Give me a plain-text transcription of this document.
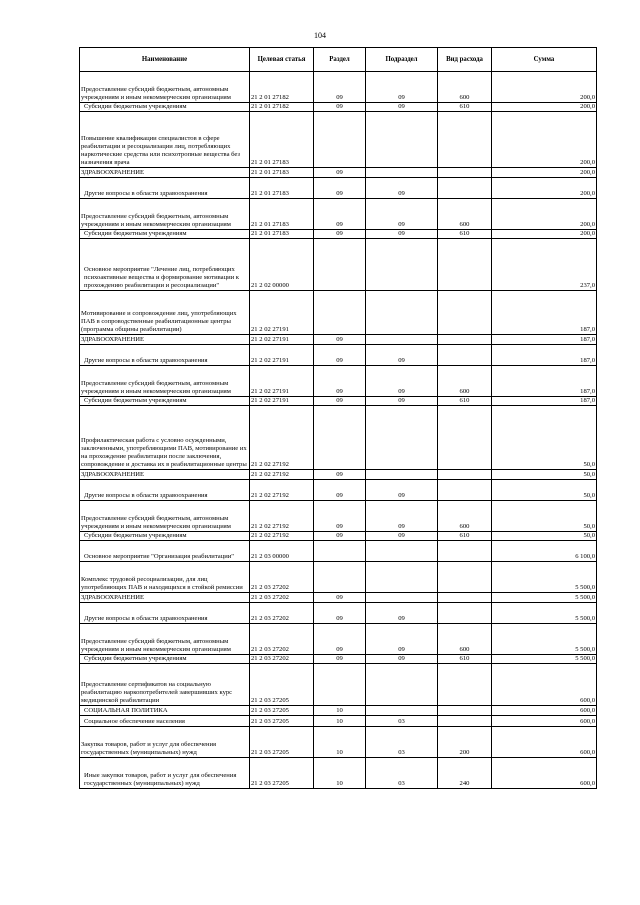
104
Наименование	Целевая статья	Раздел	Подраздел	Вид расхода	Сумма
Предоставление субсидий бюджетным, автономным учреждениям и иным некоммерческим организациям	21 2 01 27182	09	09	600	200,0
Субсидии бюджетным учреждениям	21 2 01 27182	09	09	610	200,0
Повышение квалификации специалистов в сфере реабилитации и ресоциализации лиц, потребляющих наркотические средства или психотропные вещества без назначения врача	21 2 01 27183				200,0
ЗДРАВООХРАНЕНИЕ	21 2 01 27183	09			200,0
Другие вопросы в области здравоохранения	21 2 01 27183	09	09		200,0
Предоставление субсидий бюджетным, автономным учреждениям и иным некоммерческим организациям	21 2 01 27183	09	09	600	200,0
Субсидии бюджетным учреждениям	21 2 01 27183	09	09	610	200,0
Основное мероприятие "Лечение лиц, потребляющих психоактивные вещества и формирование мотивации к прохождению реабилитации и ресоциализации"	21 2 02 00000				237,0
Мотивирование и сопровождение лиц, употребляющих ПАВ в сопроводственные реабилитационные центры (программа общины реабилитации)	21 2 02 27191				187,0
ЗДРАВООХРАНЕНИЕ	21 2 02 27191	09			187,0
Другие вопросы в области здравоохранения	21 2 02 27191	09	09		187,0
Предоставление субсидий бюджетным, автономным учреждениям и иным некоммерческим организациям	21 2 02 27191	09	09	600	187,0
Субсидии бюджетным учреждениям	21 2 02 27191	09	09	610	187,0
Профилактическая работа с условно осужденными, заключенными, употребляющими ПАВ, мотивирование их на прохождение реабилитации после заключения, сопровождение и доставка их в реабилитационные центры	21 2 02 27192				50,0
ЗДРАВООХРАНЕНИЕ	21 2 02 27192	09			50,0
Другие вопросы в области здравоохранения	21 2 02 27192	09	09		50,0
Предоставление субсидий бюджетным, автономным учреждениям и иным некоммерческим организациям	21 2 02 27192	09	09	600	50,0
Субсидии бюджетным учреждениям	21 2 02 27192	09	09	610	50,0
Основное мероприятие "Организация реабилитации"	21 2 03 00000				6 100,0
Комплекс трудовой ресоциализации, для лиц употребляющих ПАВ и находящихся в стойкой ремиссии	21 2 03 27202				5 500,0
ЗДРАВООХРАНЕНИЕ	21 2 03 27202	09			5 500,0
Другие вопросы в области здравоохранения	21 2 03 27202	09	09		5 500,0
Предоставление субсидий бюджетным, автономным учреждениям и иным некоммерческим организациям	21 2 03 27202	09	09	600	5 500,0
Субсидии бюджетным учреждениям	21 2 03 27202	09	09	610	5 500,0
Предоставление сертификатов на социальную реабилитацию наркопотребителей завершивших курс медицинской реабилитации	21 2 03 27205				600,0
СОЦИАЛЬНАЯ ПОЛИТИКА	21 2 03 27205	10			600,0
Социальное обеспечение населения	21 2 03 27205	10	03		600,0
Закупка товаров, работ и услуг для обеспечения государственных (муниципальных) нужд	21 2 03 27205	10	03	200	600,0
Иные закупки товаров, работ и услуг для обеспечения государственных (муниципальных) нужд	21 2 03 27205	10	03	240	600,0
